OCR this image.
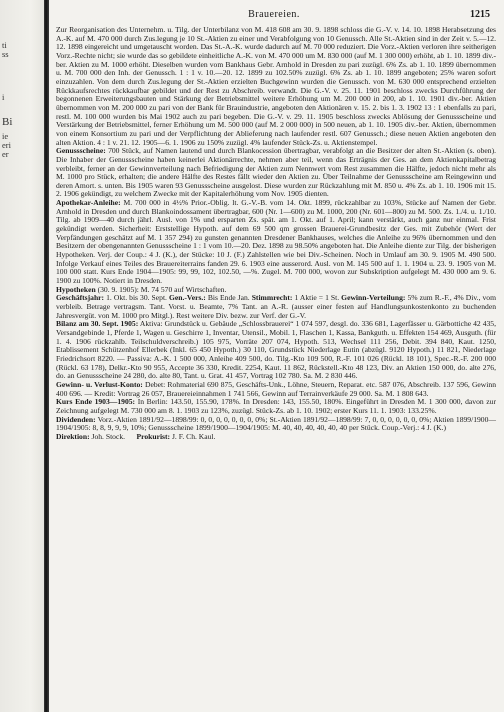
ti
ss
i
Bi
ie
eri
er
Brauereien.	1215

Zur Reorganisation des Unternehm. u. Tilg. der Unterbilanz von M. 418 608 am 30. 9. 1898 schloss die G.-V. v. 14. 10. 1898 Herabsetzung des A.-K. auf M. 470 000 durch Zus.legung je 10 St.-Aktien zu einer und Verabfolgung von 10 Genussch. Alle St.-Aktien sind in der Zeit v. 5.—12. 12. 1898 eingereicht und umgetauscht worden. Das St.-A.-K. wurde dadurch auf M. 70 000 reduziert. Die Vorz.-Aktien verloren ihre seitherigen Vorz.-Rechte nicht; sie wurde das so gebildete einheitliche A.-K. von M. 470 000 um M. 830 000 (auf M. 1 300 000) erhöht, ab 1. 10. 1899 div.-ber. Aktien zu M. 1000 erhöht. Dieselben wurden vom Bankhaus Gebr. Arnhold in Dresden zu pari zuzügl. 6% Zs. ab 1. 10. 1899 übernommen u. M. 700 000 den Inh. der Genussch. 1 : 1 v. 10.—20. 12. 1899 zu 102.50% zuzügl. 6% Zs. ab 1. 10. 1899 angeboten; 25% waren sofort einzuzahlen. Von dem durch Zus.legung der St.-Aktien erzielten Buchgewinn wurden die Genussch. von M. 630 000 entsprechend erzielten Rückkaufsrechtes rückkaufbar gebildet und der Rest zu Abschreib. verwandt. Die G.-V. v. 25. 11. 1901 beschloss zwecks Durchführung der begonnenen Erweiterungsbauten und Stärkung der Betriebsmittel weitere Erhöhung um M. 200 000 in 200, ab 1. 10. 1901 div.-ber. Aktien übernommen von M. 200 000 zu pari von der Bank für Brauindustrie, angeboten den Aktionären v. 15. 2. bis 1. 3. 1902 13 : 1 ebenfalls zu pari, restl. M. 100 000 wurden bis Mai 1902 auch zu pari begeben. Die G.-V. v. 29. 11. 1905 beschloss zwecks Ablösung der Genussscheine und Verstärkung der Betriebsmittel, ferner Erhöhung um M. 500 000 (auf M. 2 000 000) in 500 neuen, ab 1. 10. 1905 div.-ber. Aktien, übernommen von einem Konsortium zu pari und der Verpflichtung der Ablieferung nach laufender restl. 607 Genussch.; diese neuen Aktien angeboten den alten Aktion. 4 : 1 v. 21. 12. 1905—6. 1. 1906 zu 150% zuzügl. 4% laufender Stück-Zs. u. Aktienstempel.

Genussscheine: 700 Stück, auf Namen lautend und durch Blankocession übertragbar, verabfolgt an die Besitzer der alten St.-Aktien (s. oben). Die Inhaber der Genussscheine haben keinerlei Aktionärrechte, nehmen aber teil, wenn das Erträgnis der Ges. an dem Aktienkapitalbetrag verbleibt, ferner an der Gewinnverteilung nach Befriedigung der Aktien zum Nennwert vom Rest zusammen die Hälfte, jedoch nicht mehr als M. 1000 pro Stück, erhalten; die andere Hälfte des Restes fällt wieder den Aktien zu. Über Teilnahme der Genussscheine am Reingewinn und deren Amort. s. unten. Bis 1905 waren 93 Genussscheine ausgelost. Diese wurden zur Rückzahlung mit M. 850 u. 4% Zs. ab 1. 10. 1906 mit 15. 2. 1906 gekündigt, zu welchem Zwecke mit der Kapitalerhöhung vom Nov. 1905 dienten.

Apothekar-Anleihe: M. 700 000 in 4½% Prior.-Oblig. lt. G.-V.-B. vom 14. Okt. 1899, rückzahlbar zu 103%, Stücke auf Namen der Gebr. Arnhold in Dresden und durch Blankoindossament übertragbar, 600 (Nr. 1—600) zu M. 1000, 200 (Nr. 601—800) zu M. 500. Zs. 1./4. u. 1./10. Tilg. ab 1909—40 durch jährl. Ausl. von 1% und ersparten Zs. spät. am 1. Okt. auf 1. April; kann verstärkt, auch ganz nur einmal. Frist gekündigt werden. Sicherheit: Erststellige Hypoth. auf dem 69 500 qm grossen Brauerei-Grundbesitz der Ges. mit Zubehör (Wert der Verpfändungen geschätzt auf M. 1 357 294) zu gunsten genannten Dresdener Bankhauses, welches die Anleihe zu 96% übernommen und den Besitzern der obengenannten Genussscheine 1 : 1 vom 10.—20. Dez. 1898 zu 98.50% angeboten hat. Die Anleihe diente zur Tilg. der bisherigen Hypotheken. Verj. der Coup.: 4 J. (K.), der Stücke: 10 J. (F.) Zahlstellen wie bei Div.-Scheinen. Noch in Umlauf am 30. 9. 1905 M. 490 500. Infolge Verkauf eines Teiles des Brauereiterrains fanden 29. 6. 1903 eine ausserord. Ausl. von M. 145 500 auf 1. 1. 1904 u. 23. 9. 1905 von M. 100 000 statt. Kurs Ende 1904—1905: 99, 99, 102, 102.50, —%. Zugel. M. 700 000, wovon zur Subskription aufgelegt M. 430 000 am 9. 6. 1900 zu 100%. Notiert in Dresden.

Hypotheken (30. 9. 1905): M. 74 570 auf Wirtschaften.

Geschäftsjahr: 1. Okt. bis 30. Sept. Gen.-Vers.: Bis Ende Jan. Stimmrecht: 1 Aktie = 1 St. Gewinn-Verteilung: 5% zum R.-F., 4% Div., vom verbleib. Betrage vertragsm. Tant. Vorst. u. Beamte, 7% Tant. an A.-R. (ausser einer festen auf Handlungsunkostenkonto zu buchenden Jahresvergüt. von M. 1000 pro Mitgl.). Rest weitere Div. bezw. zur Verf. der G.-V.

Bilanz am 30. Sept. 1905: Aktiva: Grundstück u. Gebäude „Schlossbrauerei“ 1 074 597, desgl. do. 336 681, Lagerfässer u. Gärbottiche 42 435, Versandgebinde 1, Pferde 1, Wagen u. Geschirre 1, Inventar, Utensil., Mobil. 1, Flaschen 1, Kassa, Bankguth. u. Effekten 154 469, Ausguth. (für 1. 4. 1906 rückzahlb. Teilschuldverschreib.) 105 975, Vorräte 207 074, Hypoth. 513, Wechsel 111 256, Debit. 394 840, Kaut. 1250, Etablissement Schützenhof Ellerbek (Inkl. 65 450 Hypoth.) 30 110, Grundstück Niederlage Eutin (abzügl. 9120 Hypoth.) 11 821, Niederlage Friedrichsort 8220. — Passiva: A.-K. 1 500 000, Anleihe 409 500, do. Tilg.-Kto 109 500, R.-F. 101 026 (Rückl. 18 101), Spec.-R.-F. 200 000 (Rückl. 63 178), Delkr.-Kto 90 955, Accepte 36 330, Kredit. 2254, Kaut. 11 862, Rückstell.-Kto 48 123, Div. an Aktien 150 000, do. alte 276, do. an Genussscheine 24 280, do. alte 80, Tant. u. Grat. 41 457, Vortrag 102 780. Sa. M. 2 830 446.

Gewinn- u. Verlust-Konto: Debet: Rohmaterial 690 875, Geschäfts-Unk., Löhne, Steuern, Reparat. etc. 587 076, Abschreib. 137 596, Gewinn 400 696. — Kredit: Vortrag 26 057, Brauereieinnahmen 1 741 566, Gewinn auf Terrainverkäufe 29 000. Sa. M. 1 808 643.

Kurs Ende 1903—1905: In Berlin: 143.50, 155.90, 178%. In Dresden: 143, 155.50, 180%. Eingeführt in Dresden M. 1 300 000, davon zur Zeichnung aufgelegt M. 730 000 am 8. 1. 1903 zu 123%, zuzügl. Stück-Zs. ab 1. 10. 1902; erster Kurs 11. 1. 1903: 133.25%.

Dividenden: Vorz.-Aktien 1891/92—1898/99: 0, 0, 0, 0, 0, 0, 0, 0%; St.-Aktien 1891/92—1898/99: 7, 0, 0, 0, 0, 0, 0, 0%; Aktien 1899/1900—1904/1905: 8, 8, 9, 9, 9, 10%; Genussscheine 1899/1900—1904/1905: M. 40, 40, 40, 40, 40, 40 per Stück. Coup.-Verj.: 4 J. (K.)

Direktion: Joh. Stock.      Prokurist: J. F. Ch. Kaul.
